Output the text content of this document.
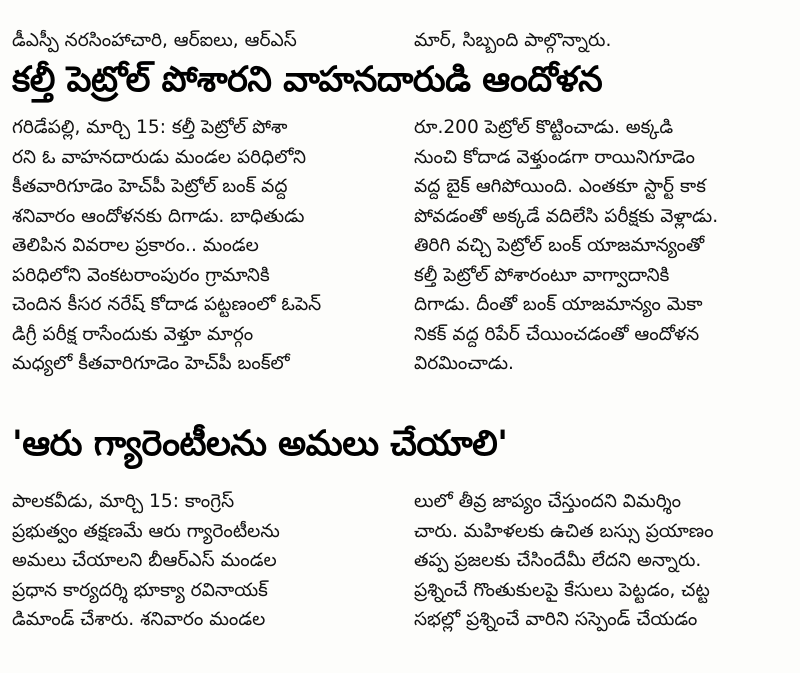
డీఎస్పీ నరసింహాచారి, ఆర్ఐలు, ఆర్ఎస్	మార్, సిబ్బంది పాల్గొన్నారు.
కల్తీ పెట్రోల్ పోశారని వాహనదారుడి ఆందోళన
గరిడేపల్లి, మార్చి 15: కల్తీ పెట్రోల్ పోశా
రని ఓ వాహనదారుడు మండల పరిధిలోని
కీతవారిగూడెం హెచ్‌పీ పెట్రోల్ బంక్ వద్ద
శనివారం ఆందోళనకు దిగాడు. బాధితుడు
తెలిపిన వివరాల ప్రకారం.. మండల
పరిధిలోని వెంకటరాంపురం గ్రామానికి
చెందిన కీసర నరేష్ కోదాడ పట్టణంలో ఓపెన్
డిగ్రీ పరీక్ష రాసేందుకు వెళ్తూ మార్గం
మధ్యలో కీతవారిగూడెం హెచ్‌పీ బంక్‌లో
రూ.200 పెట్రోల్ కొట్టించాడు. అక్కడి
నుంచి కోదాడ వెళ్తుండగా రాయినిగూడెం
వద్ద బైక్ ఆగిపోయింది. ఎంతకూ స్టార్ట్ కాక
పోవడంతో అక్కడే వదిలేసి పరీక్షకు వెళ్లాడు.
తిరిగి వచ్చి పెట్రోల్ బంక్ యాజమాన్యంతో
కల్తీ పెట్రోల్ పోశారంటూ వాగ్వాదానికి
దిగాడు. దీంతో బంక్ యాజమాన్యం మెకా
నికక్ వద్ద రిపేర్ చేయించడంతో ఆందోళన
విరమించాడు.
'ఆరు గ్యారెంటీలను అమలు చేయాలి'
పాలకవీడు, మార్చి 15: కాంగ్రెస్
ప్రభుత్వం తక్షణమే ఆరు గ్యారెంటీలను
అమలు చేయాలని బీఆర్ఎస్ మండల
ప్రధాన కార్యదర్శి భూక్యా రవినాయక్
డిమాండ్ చేశారు. శనివారం మండల
లులో తీవ్ర జాప్యం చేస్తుందని విమర్శిం
చారు. మహిళలకు ఉచిత బస్సు ప్రయాణం
తప్ప ప్రజలకు చేసిందేమీ లేదని అన్నారు.
ప్రశ్నించే గొంతుకులపై కేసులు పెట్టడం, చట్ట
సభల్లో ప్రశ్నించే వారిని సస్పెండ్ చేయడం
